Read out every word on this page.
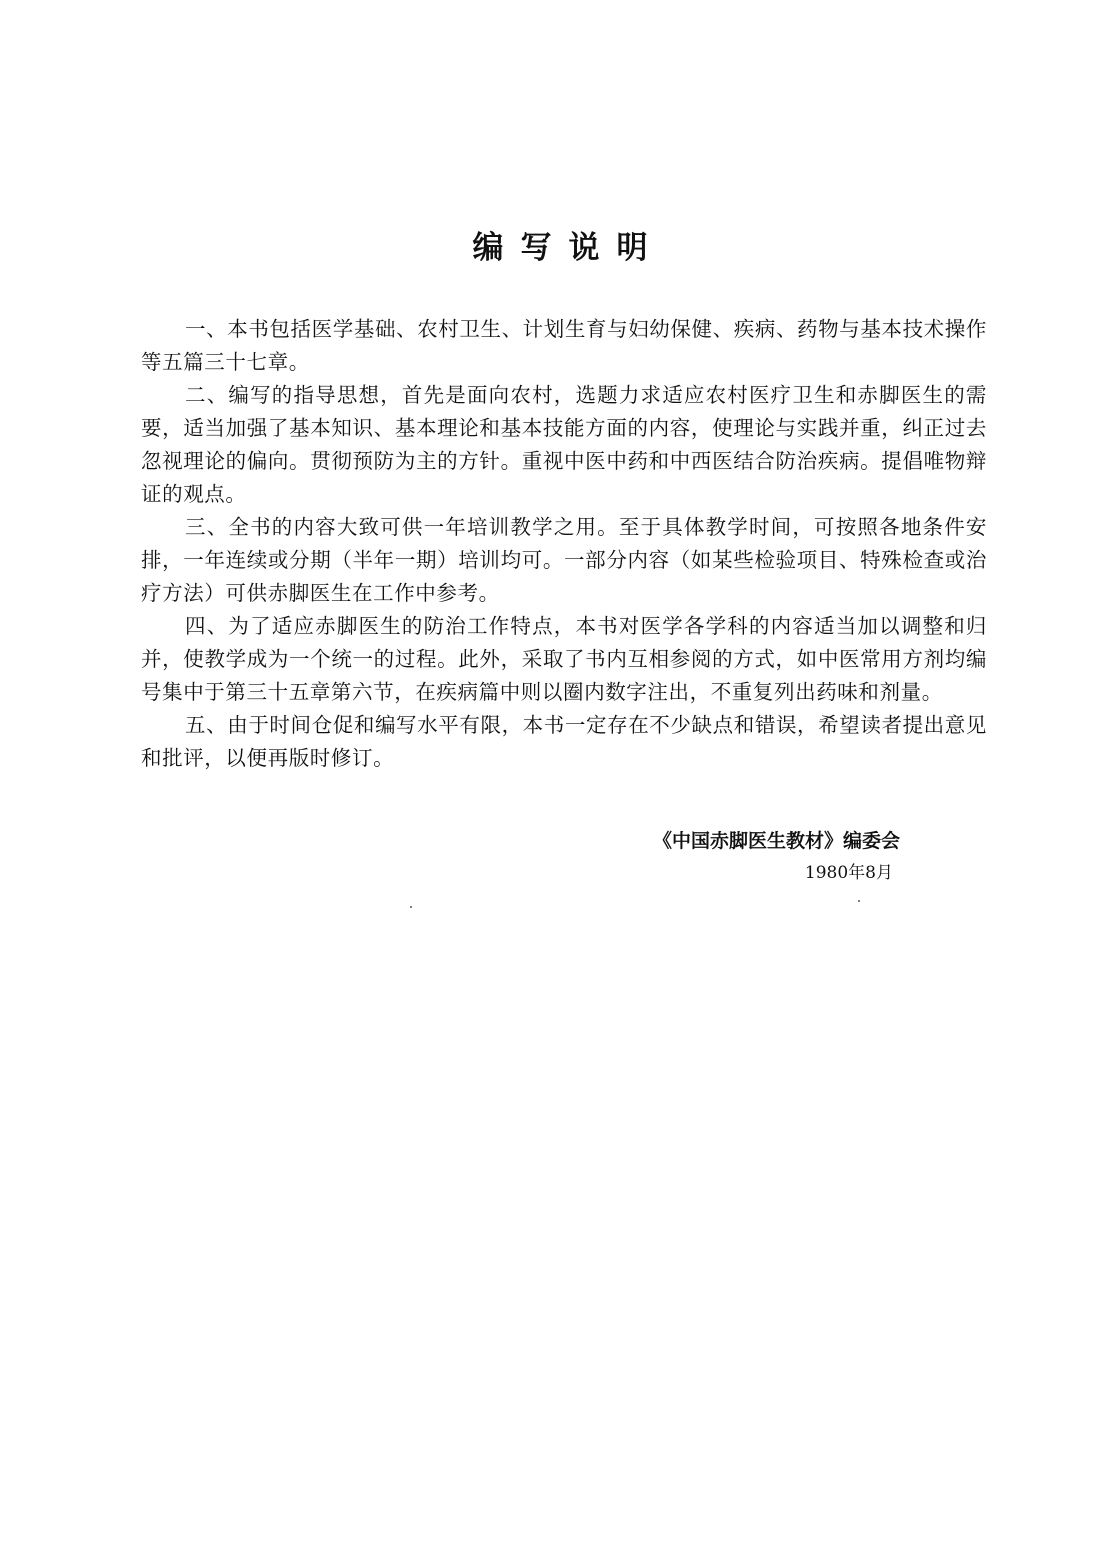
编写说明

一、本书包括医学基础、农村卫生、计划生育与妇幼保健、疾病、药物与基本技术操作等五篇三十七章。

二、编写的指导思想，首先是面向农村，选题力求适应农村医疗卫生和赤脚医生的需要，适当加强了基本知识、基本理论和基本技能方面的内容，使理论与实践并重，纠正过去忽视理论的偏向。贯彻预防为主的方针。重视中医中药和中西医结合防治疾病。提倡唯物辩证的观点。

三、全书的内容大致可供一年培训教学之用。至于具体教学时间，可按照各地条件安排，一年连续或分期（半年一期）培训均可。一部分内容（如某些检验项目、特殊检查或治疗方法）可供赤脚医生在工作中参考。

四、为了适应赤脚医生的防治工作特点，本书对医学各学科的内容适当加以调整和归并，使教学成为一个统一的过程。此外，采取了书内互相参阅的方式，如中医常用方剂均编号集中于第三十五章第六节，在疾病篇中则以圈内数字注出，不重复列出药味和剂量。

五、由于时间仓促和编写水平有限，本书一定存在不少缺点和错误，希望读者提出意见和批评，以便再版时修订。

《中国赤脚医生教材》编委会
1980年8月
